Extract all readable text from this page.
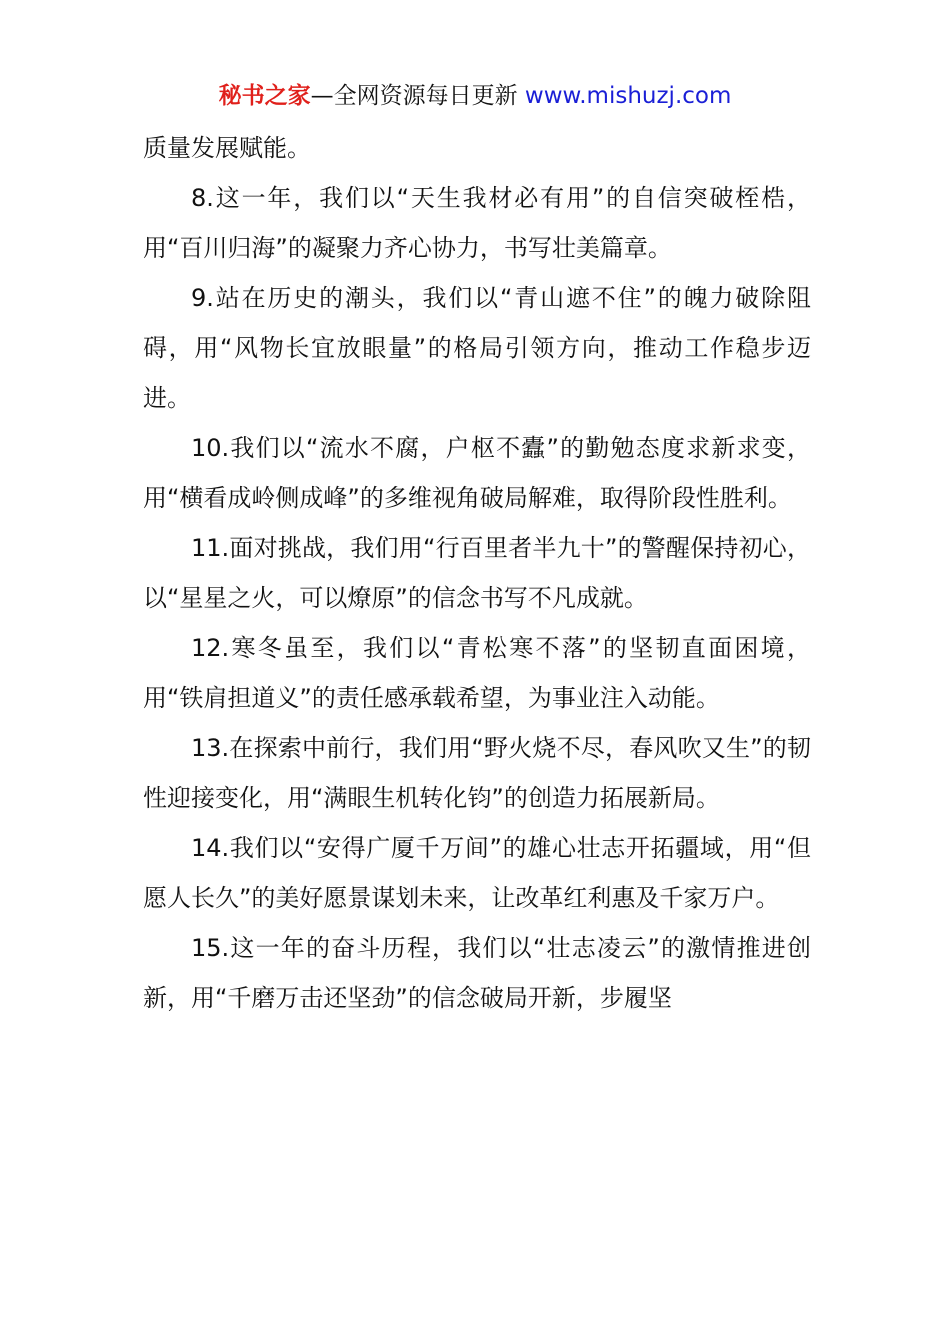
秘书之家—全网资源每日更新 www.mishuzj.com

质量发展赋能。

8.这一年，我们以“天生我材必有用”的自信突破桎梏，用“百川归海”的凝聚力齐心协力，书写壮美篇章。

9.站在历史的潮头，我们以“青山遮不住”的魄力破除阻碍，用“风物长宜放眼量”的格局引领方向，推动工作稳步迈进。

10.我们以“流水不腐，户枢不蠹”的勤勉态度求新求变，用“横看成岭侧成峰”的多维视角破局解难，取得阶段性胜利。

11.面对挑战，我们用“行百里者半九十”的警醒保持初心，以“星星之火，可以燎原”的信念书写不凡成就。

12.寒冬虽至，我们以“青松寒不落”的坚韧直面困境，用“铁肩担道义”的责任感承载希望，为事业注入动能。

13.在探索中前行，我们用“野火烧不尽，春风吹又生”的韧性迎接变化，用“满眼生机转化钧”的创造力拓展新局。

14.我们以“安得广厦千万间”的雄心壮志开拓疆域，用“但愿人长久”的美好愿景谋划未来，让改革红利惠及千家万户。

15.这一年的奋斗历程，我们以“壮志凌云”的激情推进创新，用“千磨万击还坚劲”的信念破局开新，步履坚
